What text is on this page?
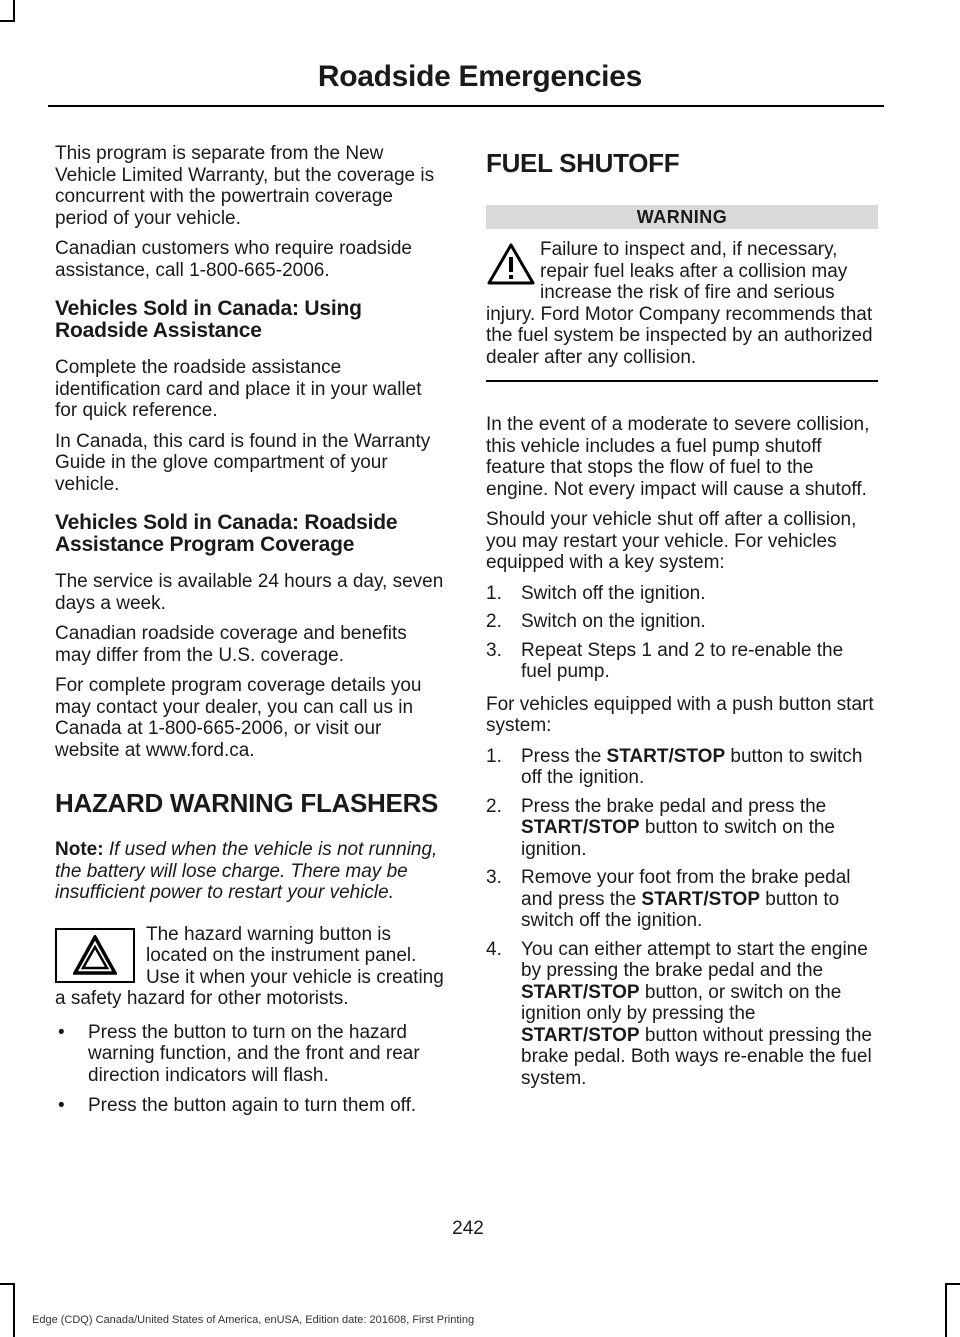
Roadside Emergencies

This program is separate from the New Vehicle Limited Warranty, but the coverage is concurrent with the powertrain coverage period of your vehicle.

Canadian customers who require roadside assistance, call 1-800-665-2006.

Vehicles Sold in Canada: Using Roadside Assistance

Complete the roadside assistance identification card and place it in your wallet for quick reference.

In Canada, this card is found in the Warranty Guide in the glove compartment of your vehicle.

Vehicles Sold in Canada: Roadside Assistance Program Coverage

The service is available 24 hours a day, seven days a week.

Canadian roadside coverage and benefits may differ from the U.S. coverage.

For complete program coverage details you may contact your dealer, you can call us in Canada at 1-800-665-2006, or visit our website at www.ford.ca.

HAZARD WARNING FLASHERS

Note: If used when the vehicle is not running, the battery will lose charge. There may be insufficient power to restart your vehicle.

The hazard warning button is located on the instrument panel. Use it when your vehicle is creating a safety hazard for other motorists.

• Press the button to turn on the hazard warning function, and the front and rear direction indicators will flash.
• Press the button again to turn them off.
FUEL SHUTOFF
WARNING

Failure to inspect and, if necessary, repair fuel leaks after a collision may increase the risk of fire and serious injury. Ford Motor Company recommends that the fuel system be inspected by an authorized dealer after any collision.

In the event of a moderate to severe collision, this vehicle includes a fuel pump shutoff feature that stops the flow of fuel to the engine. Not every impact will cause a shutoff.

Should your vehicle shut off after a collision, you may restart your vehicle. For vehicles equipped with a key system:

1. Switch off the ignition.
2. Switch on the ignition.
3. Repeat Steps 1 and 2 to re-enable the fuel pump.

For vehicles equipped with a push button start system:

1. Press the START/STOP button to switch off the ignition.
2. Press the brake pedal and press the START/STOP button to switch on the ignition.
3. Remove your foot from the brake pedal and press the START/STOP button to switch off the ignition.
4. You can either attempt to start the engine by pressing the brake pedal and the START/STOP button, or switch on the ignition only by pressing the START/STOP button without pressing the brake pedal. Both ways re-enable the fuel system.
242
Edge (CDQ) Canada/United States of America, enUSA, Edition date: 201608, First Printing
